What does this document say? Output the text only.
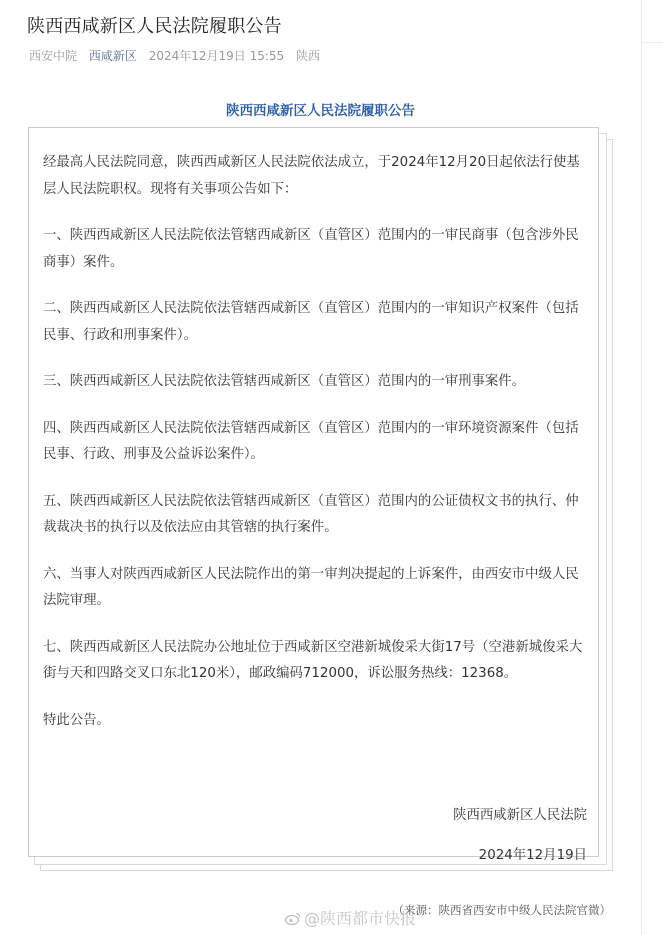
陕西西咸新区人民法院履职公告
西安中院 西咸新区 2024年12月19日 15:55 陕西
陕西西咸新区人民法院履职公告

经最高人民法院同意，陕西西咸新区人民法院依法成立，于2024年12月20日起依法行使基层人民法院职权。现将有关事项公告如下：

一、陕西西咸新区人民法院依法管辖西咸新区（直管区）范围内的一审民商事（包含涉外民商事）案件。

二、陕西西咸新区人民法院依法管辖西咸新区（直管区）范围内的一审知识产权案件（包括民事、行政和刑事案件）。

三、陕西西咸新区人民法院依法管辖西咸新区（直管区）范围内的一审刑事案件。

四、陕西西咸新区人民法院依法管辖西咸新区（直管区）范围内的一审环境资源案件（包括民事、行政、刑事及公益诉讼案件）。

五、陕西西咸新区人民法院依法管辖西咸新区（直管区）范围内的公证债权文书的执行、仲裁裁决书的执行以及依法应由其管辖的执行案件。

六、当事人对陕西西咸新区人民法院作出的第一审判决提起的上诉案件，由西安市中级人民法院审理。

七、陕西西咸新区人民法院办公地址位于西咸新区空港新城俊采大街17号（空港新城俊采大街与天和四路交叉口东北120米），邮政编码712000，诉讼服务热线：12368。

特此公告。

陕西西咸新区人民法院
2024年12月19日
（来源：陕西省西安市中级人民法院官微）
@陕西都市快报
